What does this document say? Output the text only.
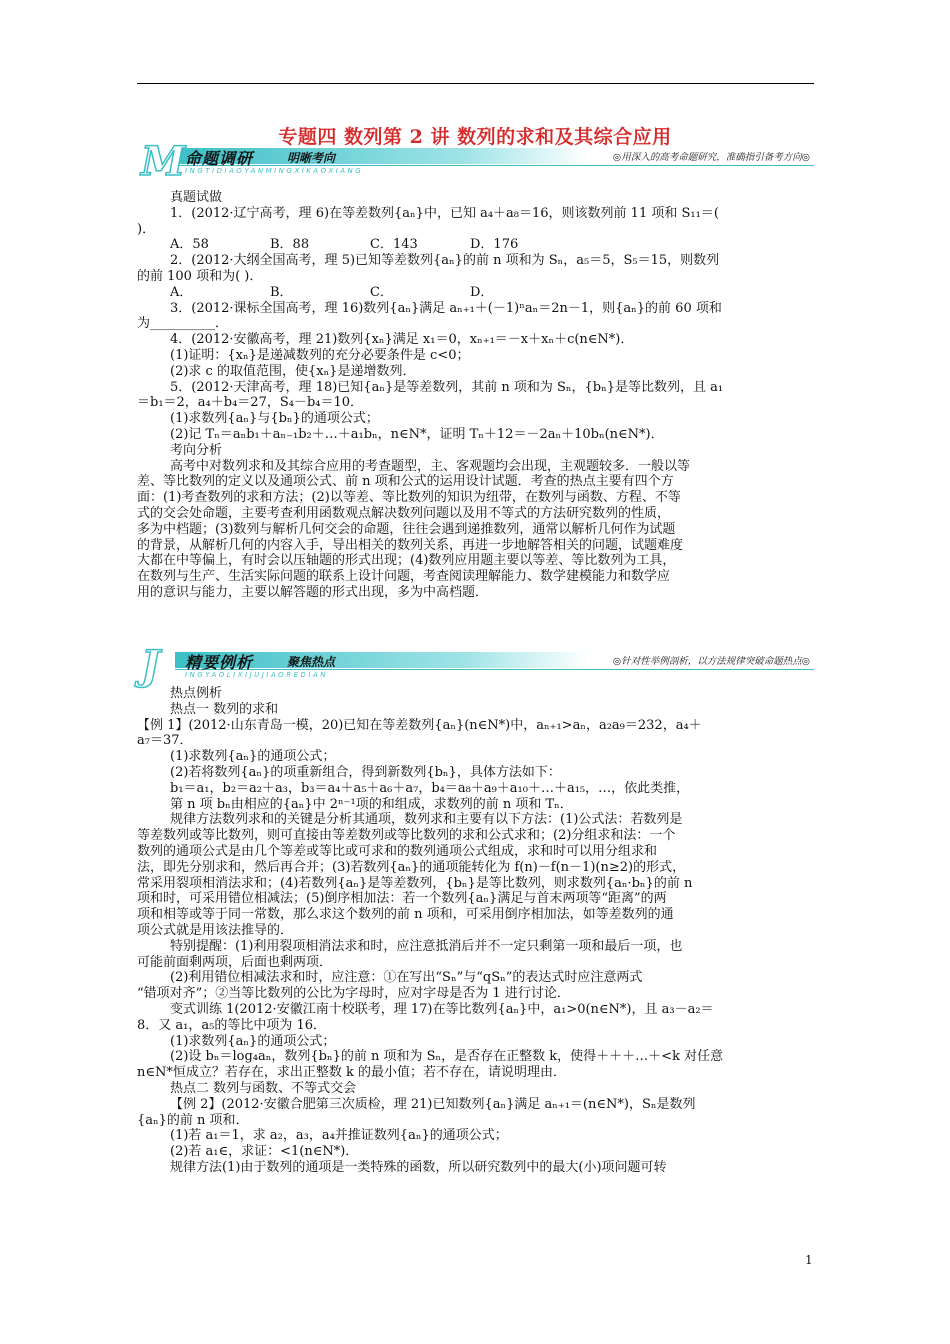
专题四 数列第 2 讲 数列的求和及其综合应用
M 命题调研	明晰考向	◎用深入的高考命题研究，准确指引备考方向◎
INGTIDIAOYANMINGXIKAOXIANG
真题试做
1．(2012·辽宁高考，理 6)在等差数列{aₙ}中，已知 a₄＋a₈＝16，则该数列前 11 项和 S₁₁＝(
)．
A．58	B．88	C．143	D．176
2．(2012·大纲全国高考，理 5)已知等差数列{aₙ}的前 n 项和为 Sₙ，a₅＝5，S₅＝15，则数列
的前 100 项和为( )．
A．	B．	C．	D．
3．(2012·课标全国高考，理 16)数列{aₙ}满足 aₙ₊₁＋(－1)ⁿaₙ＝2n－1，则{aₙ}的前 60 项和
为__________．
4．(2012·安徽高考，理 21)数列{xₙ}满足 x₁＝0，xₙ₊₁＝－x＋xₙ＋c(n∈N*)．
(1)证明：{xₙ}是递减数列的充分必要条件是 c<0；
(2)求 c 的取值范围，使{xₙ}是递增数列．
5．(2012·天津高考，理 18)已知{aₙ}是等差数列，其前 n 项和为 Sₙ，{bₙ}是等比数列，且 a₁
＝b₁＝2，a₄＋b₄＝27，S₄－b₄＝10．
(1)求数列{aₙ}与{bₙ}的通项公式；
(2)记 Tₙ＝aₙb₁＋aₙ₋₁b₂＋…＋a₁bₙ，n∈N*，证明 Tₙ＋12＝－2aₙ＋10bₙ(n∈N*)．
考向分析
高考中对数列求和及其综合应用的考查题型，主、客观题均会出现，主观题较多．一般以等
差、等比数列的定义以及通项公式、前 n 项和公式的运用设计试题．考查的热点主要有四个方
面：(1)考查数列的求和方法；(2)以等差、等比数列的知识为纽带，在数列与函数、方程、不等
式的交会处命题，主要考查利用函数观点解决数列问题以及用不等式的方法研究数列的性质，
多为中档题；(3)数列与解析几何交会的命题，往往会遇到递推数列，通常以解析几何作为试题
的背景，从解析几何的内容入手，导出相关的数列关系，再进一步地解答相关的问题，试题难度
大都在中等偏上，有时会以压轴题的形式出现；(4)数列应用题主要以等差、等比数列为工具，
在数列与生产、生活实际问题的联系上设计问题，考查阅读理解能力、数学建模能力和数学应
用的意识与能力，主要以解答题的形式出现，多为中高档题．
J 精要例析	聚焦热点	◎针对性举例剖析，以方法规律突破命题热点◎
INGYAOLIXIJUJIAOREDIAN
热点例析
热点一 数列的求和
【例 1】(2012·山东青岛一模，20)已知在等差数列{aₙ}(n∈N*)中，aₙ₊₁>aₙ，a₂a₉＝232，a₄＋
a₇＝37．
(1)求数列{aₙ}的通项公式；
(2)若将数列{aₙ}的项重新组合，得到新数列{bₙ}，具体方法如下：
b₁＝a₁，b₂＝a₂＋a₃，b₃＝a₄＋a₅＋a₆＋a₇，b₄＝a₈＋a₉＋a₁₀＋…＋a₁₅，…，依此类推，
第 n 项 bₙ由相应的{aₙ}中 2ⁿ⁻¹项的和组成，求数列的前 n 项和 Tₙ．
规律方法数列求和的关键是分析其通项，数列求和主要有以下方法：(1)公式法：若数列是
等差数列或等比数列，则可直接由等差数列或等比数列的求和公式求和；(2)分组求和法：一个
数列的通项公式是由几个等差或等比或可求和的数列通项公式组成，求和时可以用分组求和
法，即先分别求和，然后再合并；(3)若数列{aₙ}的通项能转化为 f(n)－f(n－1)(n≥2)的形式，
常采用裂项相消法求和；(4)若数列{aₙ}是等差数列，{bₙ}是等比数列，则求数列{aₙ·bₙ}的前 n
项和时，可采用错位相减法；(5)倒序相加法：若一个数列{aₙ}满足与首末两项等“距离”的两
项和相等或等于同一常数，那么求这个数列的前 n 项和，可采用倒序相加法，如等差数列的通
项公式就是用该法推导的．
特别提醒：(1)利用裂项相消法求和时，应注意抵消后并不一定只剩第一项和最后一项，也
可能前面剩两项，后面也剩两项．
(2)利用错位相减法求和时，应注意：①在写出“Sₙ”与“qSₙ”的表达式时应注意两式
“错项对齐”；②当等比数列的公比为字母时，应对字母是否为 1 进行讨论．
变式训练 1(2012·安徽江南十校联考，理 17)在等比数列{aₙ}中，a₁>0(n∈N*)，且 a₃－a₂＝
8．又 a₁，a₅的等比中项为 16．
(1)求数列{aₙ}的通项公式；
(2)设 bₙ＝log₄aₙ，数列{bₙ}的前 n 项和为 Sₙ，是否存在正整数 k，使得＋＋＋…＋<k 对任意
n∈N*恒成立？若存在，求出正整数 k 的最小值；若不存在，请说明理由．
热点二 数列与函数、不等式交会
【例 2】(2012·安徽合肥第三次质检，理 21)已知数列{aₙ}满足 aₙ₊₁＝(n∈N*)，Sₙ是数列
{aₙ}的前 n 项和．
(1)若 a₁＝1，求 a₂，a₃，a₄并推证数列{aₙ}的通项公式；
(2)若 a₁∈，求证：<1(n∈N*)．
规律方法(1)由于数列的通项是一类特殊的函数，所以研究数列中的最大(小)项问题可转
1
